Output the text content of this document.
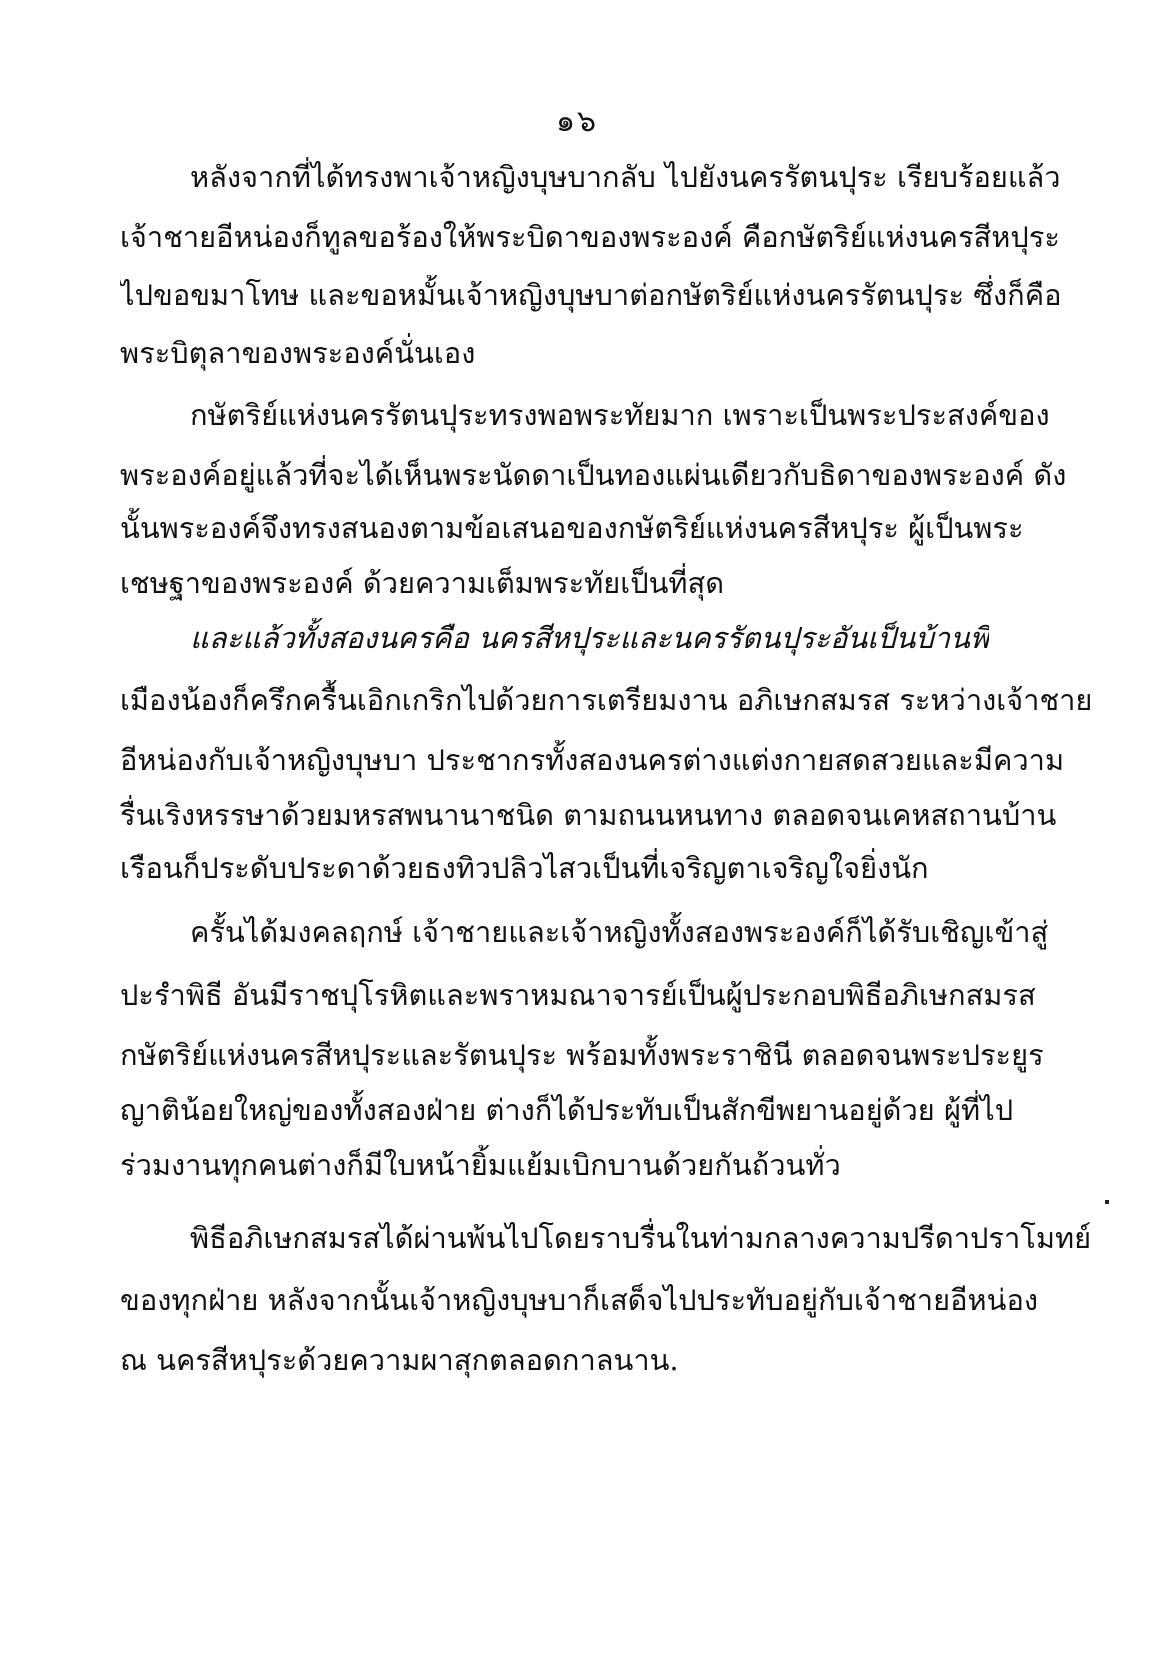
๑๖
หลังจากที่ได้ทรงพาเจ้าหญิงบุษบากลับ ไปยังนครรัตนปุระ เรียบร้อยแล้ว
เจ้าชายอีหน่องก็ทูลขอร้องให้พระบิดาของพระองค์ คือกษัตริย์แห่งนครสีหปุระ
ไปขอขมาโทษ และขอหมั้นเจ้าหญิงบุษบาต่อกษัตริย์แห่งนครรัตนปุระ ซึ่งก็คือ
พระบิตุลาของพระองค์นั่นเอง
กษัตริย์แห่งนครรัตนปุระทรงพอพระทัยมาก เพราะเป็นพระประสงค์ของ
พระองค์อยู่แล้วที่จะได้เห็นพระนัดดาเป็นทองแผ่นเดียวกับธิดาของพระองค์ ดัง
นั้นพระองค์จึงทรงสนองตามข้อเสนอของกษัตริย์แห่งนครสีหปุระ ผู้เป็นพระ
เชษฐาของพระองค์ ด้วยความเต็มพระทัยเป็นที่สุด
และแล้วทั้งสองนครคือ นครสีหปุระและนครรัตนปุระอันเป็นบ้านพี่
เมืองน้องก็ครึกครื้นเอิกเกริกไปด้วยการเตรียมงาน อภิเษกสมรส ระหว่างเจ้าชาย
อีหน่องกับเจ้าหญิงบุษบา ประชากรทั้งสองนครต่างแต่งกายสดสวยและมีความ
รื่นเริงหรรษาด้วยมหรสพนานาชนิด ตามถนนหนทาง ตลอดจนเคหสถานบ้าน
เรือนก็ประดับประดาด้วยธงทิวปลิวไสวเป็นที่เจริญตาเจริญใจยิ่งนัก
ครั้นได้มงคลฤกษ์ เจ้าชายและเจ้าหญิงทั้งสองพระองค์ก็ได้รับเชิญเข้าสู่
ปะรำพิธี อันมีราชปุโรหิตและพราหมณาจารย์เป็นผู้ประกอบพิธีอภิเษกสมรส
กษัตริย์แห่งนครสีหปุระและรัตนปุระ พร้อมทั้งพระราชินี ตลอดจนพระประยูร
ญาติน้อยใหญ่ของทั้งสองฝ่าย ต่างก็ได้ประทับเป็นสักขีพยานอยู่ด้วย ผู้ที่ไป
ร่วมงานทุกคนต่างก็มีใบหน้ายิ้มแย้มเบิกบานด้วยกันถ้วนทั่ว
พิธีอภิเษกสมรสได้ผ่านพ้นไปโดยราบรื่นในท่ามกลางความปรีดาปราโมทย์
ของทุกฝ่าย หลังจากนั้นเจ้าหญิงบุษบาก็เสด็จไปประทับอยู่กับเจ้าชายอีหน่อง
ณ นครสีหปุระด้วยความผาสุกตลอดกาลนาน.
